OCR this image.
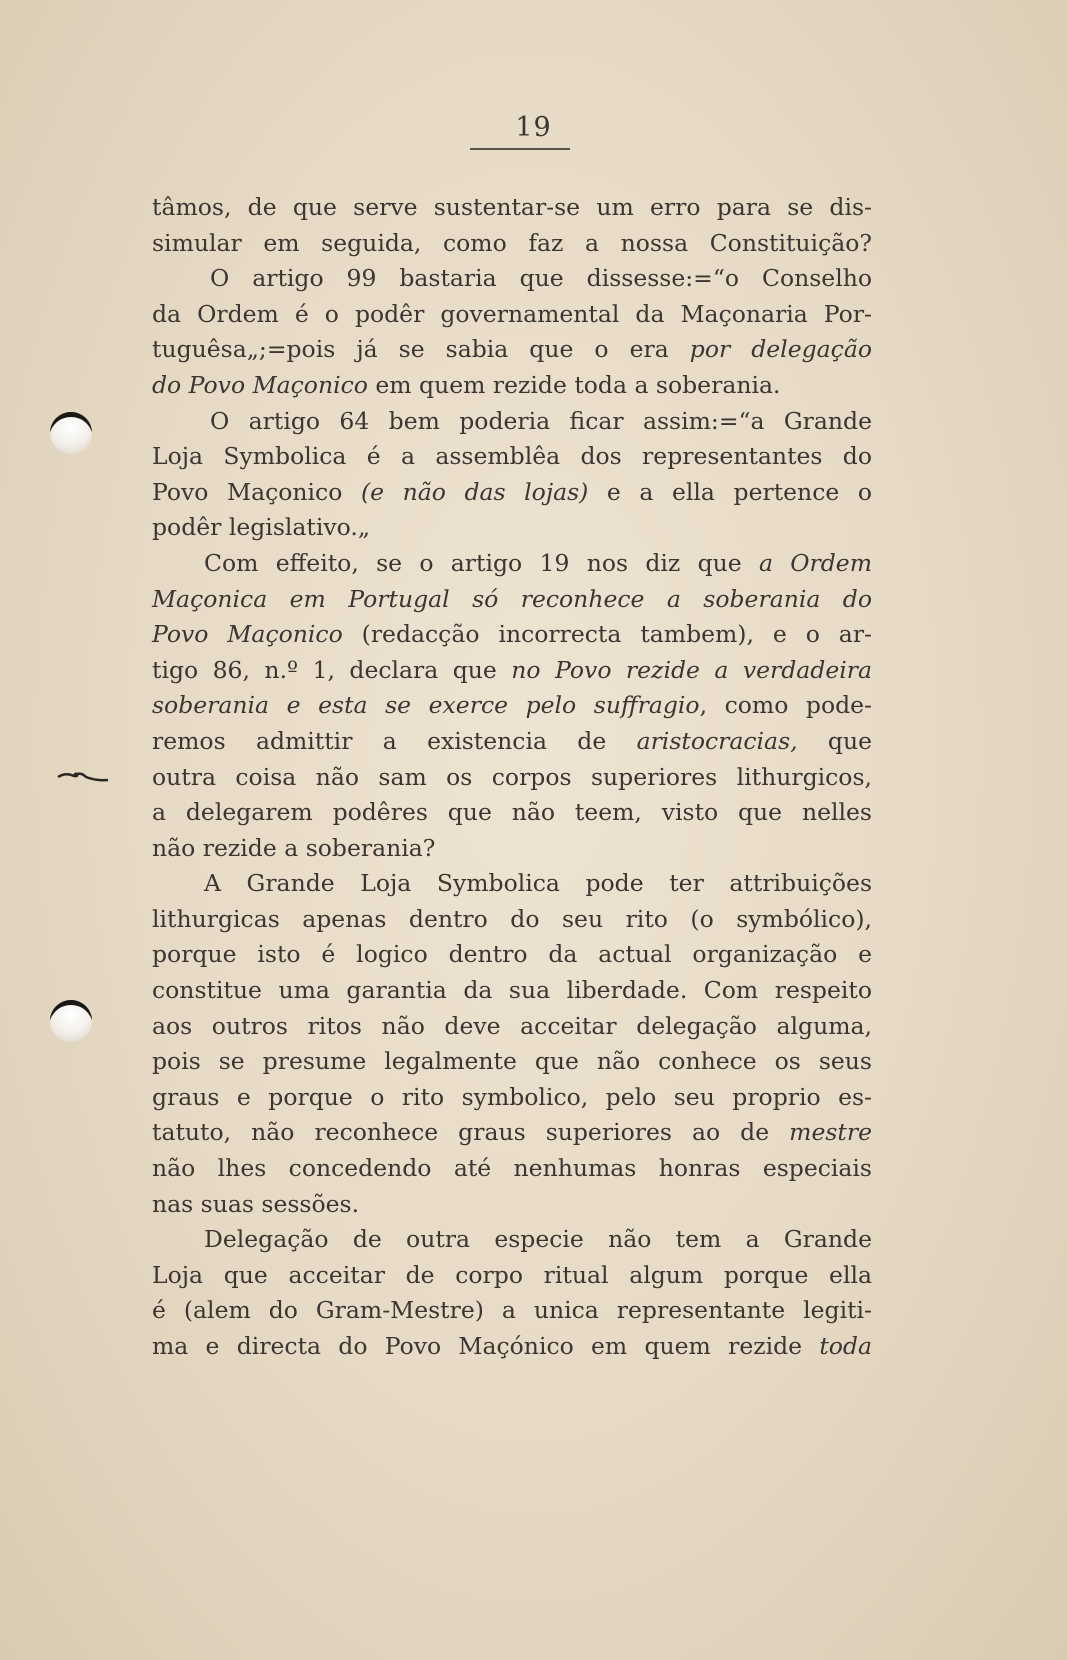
19
tâmos, de que serve sustentar-se um erro para se dis-
simular em seguida, como faz a nossa Constituição?
O artigo 99 bastaria que dissesse:=“o Conselho
da Ordem é o podêr governamental da Maçonaria Por-
tuguêsa„;=pois já se sabia que o era por delegação
do Povo Maçonico em quem rezide toda a soberania.
O artigo 64 bem poderia ficar assim:=“a Grande
Loja Symbolica é a assemblêa dos representantes do
Povo Maçonico (e não das lojas) e a ella pertence o
podêr legislativo.„
Com effeito, se o artigo 19 nos diz que a Ordem
Maçonica em Portugal só reconhece a soberania do
Povo Maçonico (redacção incorrecta tambem), e o ar-
tigo 86, n.º 1, declara que no Povo rezide a verdadeira
soberania e esta se exerce pelo suffragio, como pode-
remos admittir a existencia de aristocracias, que
outra coisa não sam os corpos superiores lithurgicos,
a delegarem podêres que não teem, visto que nelles
não rezide a soberania?
A Grande Loja Symbolica pode ter attribuições
lithurgicas apenas dentro do seu rito (o symbólico),
porque isto é logico dentro da actual organização e
constitue uma garantia da sua liberdade. Com respeito
aos outros ritos não deve acceitar delegação alguma,
pois se presume legalmente que não conhece os seus
graus e porque o rito symbolico, pelo seu proprio es-
tatuto, não reconhece graus superiores ao de mestre
não lhes concedendo até nenhumas honras especiais
nas suas sessões.
Delegação de outra especie não tem a Grande
Loja que acceitar de corpo ritual algum porque ella
é (alem do Gram-Mestre) a unica representante legiti-
ma e directa do Povo Maçónico em quem rezide toda
